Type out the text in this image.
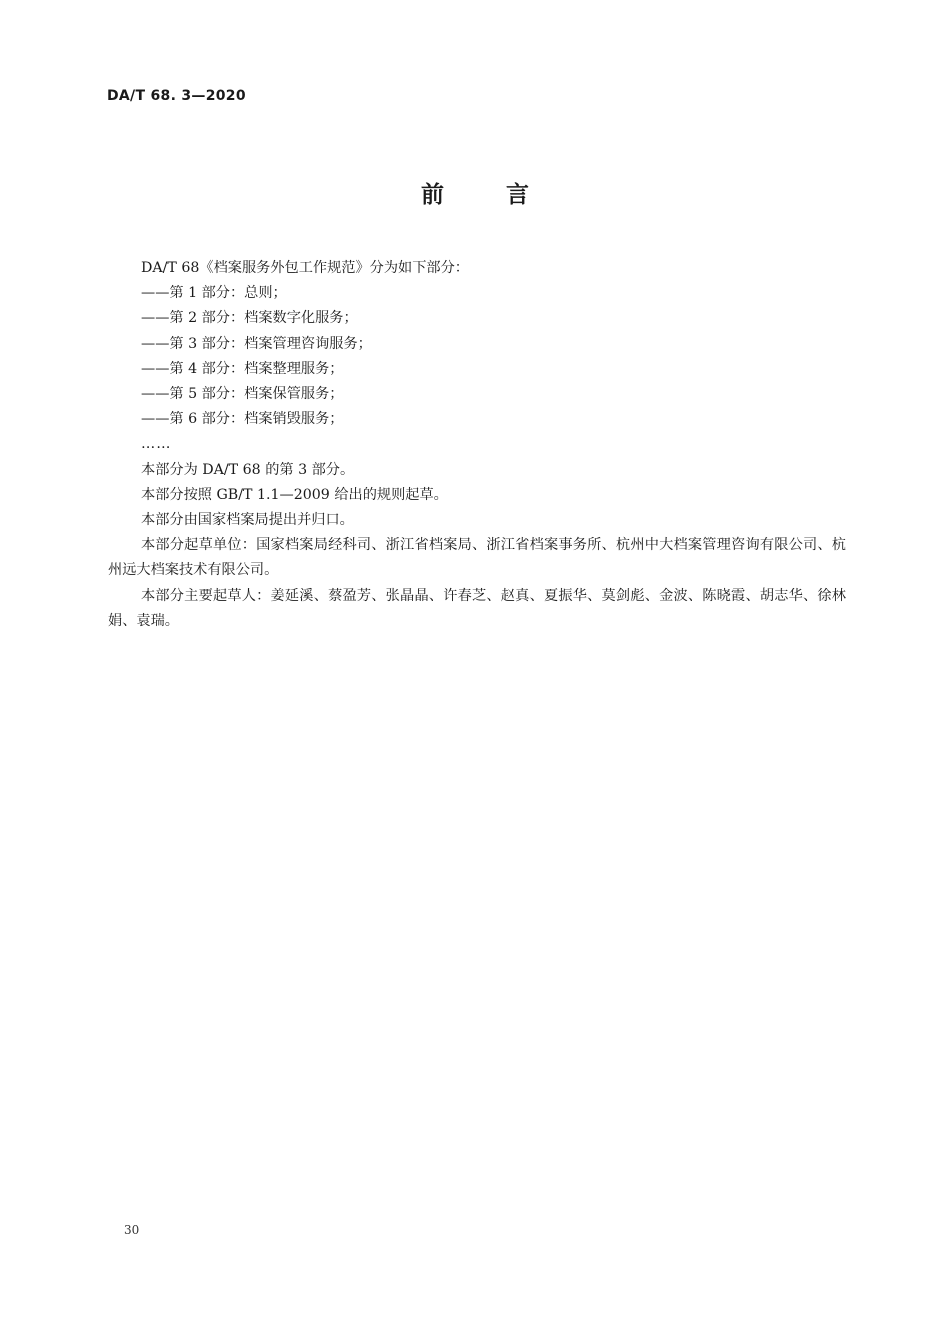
DA/T 68. 3—2020
前言

DA/T 68《档案服务外包工作规范》分为如下部分：

——第 1 部分：总则；

——第 2 部分：档案数字化服务；

——第 3 部分：档案管理咨询服务；

——第 4 部分：档案整理服务；

——第 5 部分：档案保管服务；

——第 6 部分：档案销毁服务；

……

本部分为 DA/T 68 的第 3 部分。

本部分按照 GB/T 1.1—2009 给出的规则起草。

本部分由国家档案局提出并归口。

本部分起草单位：国家档案局经科司、浙江省档案局、浙江省档案事务所、杭州中大档案管理咨询有限公司、杭州远大档案技术有限公司。

本部分主要起草人：姜延溪、蔡盈芳、张晶晶、许春芝、赵真、夏振华、莫剑彪、金波、陈晓霞、胡志华、徐林娟、袁瑞。

30
